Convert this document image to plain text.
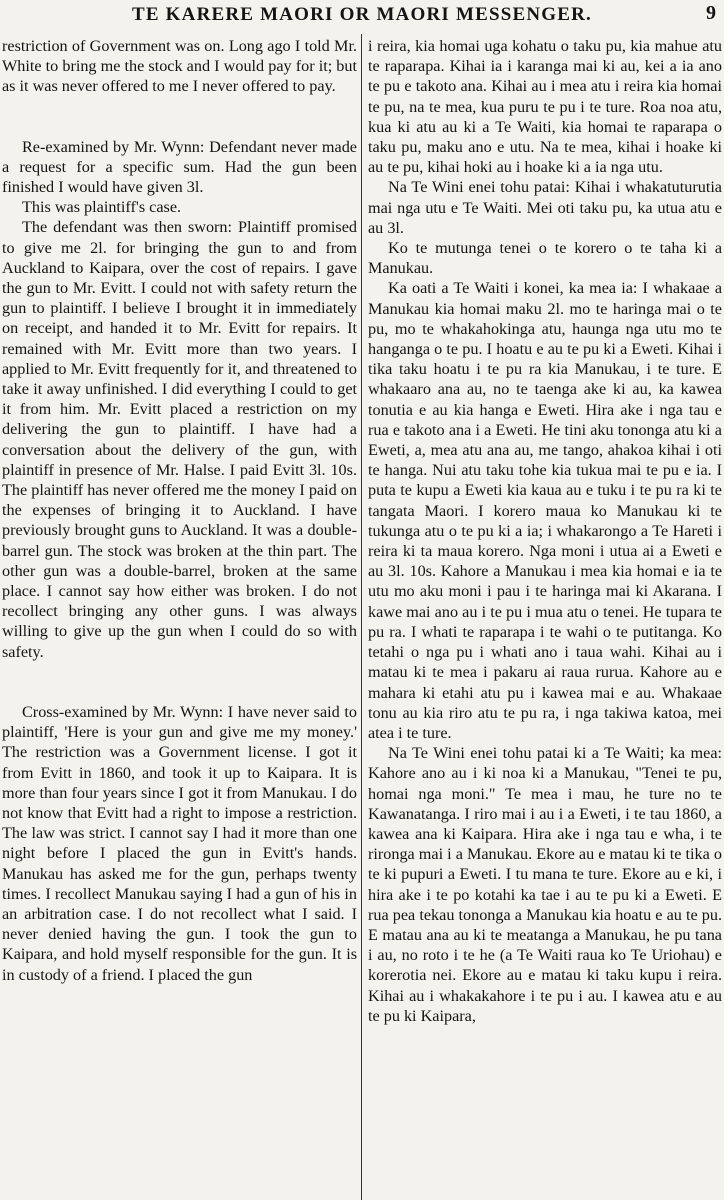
TE KARERE MAORI OR MAORI MESSENGER.	9

restriction of Government was on. Long ago I told Mr. White to bring me the stock and I would pay for it; but as it was never offered to me I never offered to pay.

Re-examined by Mr. Wynn: Defendant never made a request for a specific sum. Had the gun been finished I would have given 3l.

This was plaintiff's case.

The defendant was then sworn: Plaintiff promised to give me 2l. for bringing the gun to and from Auckland to Kaipara, over the cost of repairs. I gave the gun to Mr. Evitt. I could not with safety return the gun to plaintiff. I believe I brought it in immediately on receipt, and handed it to Mr. Evitt for repairs. It remained with Mr. Evitt more than two years. I applied to Mr. Evitt frequently for it, and threatened to take it away unfinished. I did everything I could to get it from him. Mr. Evitt placed a restriction on my delivering the gun to plaintiff. I have had a conversation about the delivery of the gun, with plaintiff in presence of Mr. Halse. I paid Evitt 3l. 10s. The plaintiff has never offered me the money I paid on the expenses of bringing it to Auckland. I have previously brought guns to Auckland. It was a double-barrel gun. The stock was broken at the thin part. The other gun was a double-barrel, broken at the same place. I cannot say how either was broken. I do not recollect bringing any other guns. I was always willing to give up the gun when I could do so with safety.

Cross-examined by Mr. Wynn: I have never said to plaintiff, 'Here is your gun and give me my money.' The restriction was a Government license. I got it from Evitt in 1860, and took it up to Kaipara. It is more than four years since I got it from Manukau. I do not know that Evitt had a right to impose a restriction. The law was strict. I cannot say I had it more than one night before I placed the gun in Evitt's hands. Manukau has asked me for the gun, perhaps twenty times. I recollect Manukau saying I had a gun of his in an arbitration case. I do not recollect what I said. I never denied having the gun. I took the gun to Kaipara, and hold myself responsible for the gun. It is in custody of a friend. I placed the gun

i reira, kia homai uga kohatu o taku pu, kia mahue atu te raparapa. Kihai ia i karanga mai ki au, kei a ia ano te pu e takoto ana. Kihai au i mea atu i reira kia homai te pu, na te mea, kua puru te pu i te ture. Roa noa atu, kua ki atu au ki a Te Waiti, kia homai te raparapa o taku pu, maku ano e utu. Na te mea, kihai i hoake ki au te pu, kihai hoki au i hoake ki a ia nga utu.

Na Te Wini enei tohu patai: Kihai i whakatuturutia mai nga utu e Te Waiti. Mei oti taku pu, ka utua atu e au 3l.

Ko te mutunga tenei o te korero o te taha ki a Manukau.

Ka oati a Te Waiti i konei, ka mea ia: I whakaae a Manukau kia homai maku 2l. mo te haringa mai o te pu, mo te whakahokinga atu, haunga nga utu mo te hanganga o te pu. I hoatu e au te pu ki a Eweti. Kihai i tika taku hoatu i te pu ra kia Manukau, i te ture. E whakaaro ana au, no te taenga ake ki au, ka kawea tonutia e au kia hanga e Eweti. Hira ake i nga tau e rua e takoto ana i a Eweti. He tini aku tononga atu ki a Eweti, a, mea atu ana au, me tango, ahakoa kihai i oti te hanga. Nui atu taku tohe kia tukua mai te pu e ia. I puta te kupu a Eweti kia kaua au e tuku i te pu ra ki te tangata Maori. I korero maua ko Manukau ki te tukunga atu o te pu ki a ia; i whakarongo a Te Hareti i reira ki ta maua korero. Nga moni i utua ai a Eweti e au 3l. 10s. Kahore a Manukau i mea kia homai e ia te utu mo aku moni i pau i te haringa mai ki Akarana. I kawe mai ano au i te pu i mua atu o tenei. He tupara te pu ra. I whati te raparapa i te wahi o te putitanga. Ko tetahi o nga pu i whati ano i taua wahi. Kihai au i matau ki te mea i pakaru ai raua rurua. Kahore au e mahara ki etahi atu pu i kawea mai e au. Whakaae tonu au kia riro atu te pu ra, i nga takiwa katoa, mei atea i te ture.

Na Te Wini enei tohu patai ki a Te Waiti; ka mea: Kahore ano au i ki noa ki a Manukau, "Tenei te pu, homai nga moni." Te mea i mau, he ture no te Kawanatanga. I riro mai i au i a Eweti, i te tau 1860, a kawea ana ki Kaipara. Hira ake i nga tau e wha, i te rironga mai i a Manukau. Ekore au e matau ki te tika o te ki pupuri a Eweti. I tu mana te ture. Ekore au e ki, i hira ake i te po kotahi ka tae i au te pu ki a Eweti. E rua pea tekau tononga a Manukau kia hoatu e au te pu. E matau ana au ki te meatanga a Manukau, he pu tana i au, no roto i te he (a Te Waiti raua ko Te Uriohau) e korerotia nei. Ekore au e matau ki taku kupu i reira. Kihai au i whakakahore i te pu i au. I kawea atu e au te pu ki Kaipara,
